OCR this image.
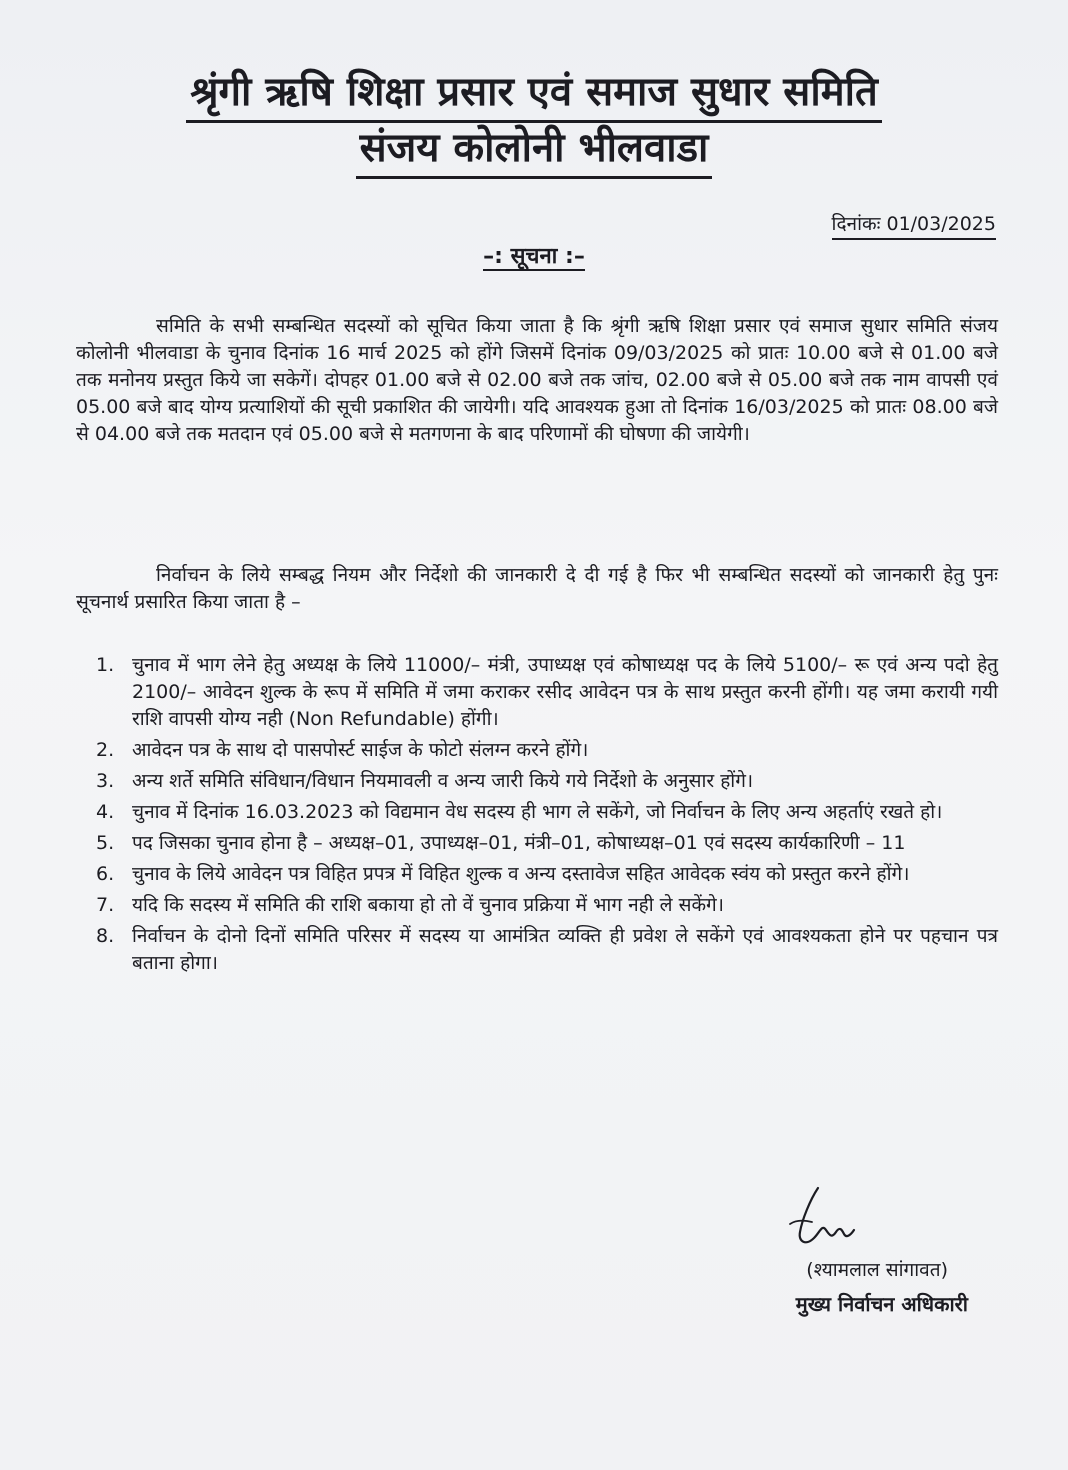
श्रृंगी ऋषि शिक्षा प्रसार एवं समाज सुधार समिति
संजय कोलोनी भीलवाडा
दिनांकः 01/03/2025
–: सूचना :–

समिति के सभी सम्बन्धित सदस्यों को सूचित किया जाता है कि श्रृंगी ऋषि शिक्षा प्रसार एवं समाज सुधार समिति संजय कोलोनी भीलवाडा के चुनाव दिनांक 16 मार्च 2025 को होंगे जिसमें दिनांक 09/03/2025 को प्रातः 10.00 बजे से 01.00 बजे तक मनोनय प्रस्तुत किये जा सकेगें। दोपहर 01.00 बजे से 02.00 बजे तक जांच, 02.00 बजे से 05.00 बजे तक नाम वापसी एवं 05.00 बजे बाद योग्य प्रत्याशियों की सूची प्रकाशित की जायेगी। यदि आवश्यक हुआ तो दिनांक 16/03/2025 को प्रातः 08.00 बजे से 04.00 बजे तक मतदान एवं 05.00 बजे से मतगणना के बाद परिणामों की घोषणा की जायेगी।

निर्वाचन के लिये सम्बद्ध नियम और निर्देशो की जानकारी दे दी गई है फिर भी सम्बन्धित सदस्यों को जानकारी हेतु पुनः सूचनार्थ प्रसारित किया जाता है –

1. चुनाव में भाग लेने हेतु अध्यक्ष के लिये 11000/– मंत्री, उपाध्यक्ष एवं कोषाध्यक्ष पद के लिये 5100/– रू एवं अन्य पदो हेतु 2100/– आवेदन शुल्क के रूप में समिति में जमा कराकर रसीद आवेदन पत्र के साथ प्रस्तुत करनी होंगी। यह जमा करायी गयी राशि वापसी योग्य नही (Non Refundable) होंगी।
2. आवेदन पत्र के साथ दो पासपोर्स्ट साईज के फोटो संलग्न करने होंगे।
3. अन्य शर्ते समिति संविधान/विधान नियमावली व अन्य जारी किये गये निर्देशो के अनुसार होंगे।
4. चुनाव में दिनांक 16.03.2023 को विद्यमान वेध सदस्य ही भाग ले सकेंगे, जो निर्वाचन के लिए अन्य अहर्ताएं रखते हो।
5. पद जिसका चुनाव होना है – अध्यक्ष–01, उपाध्यक्ष–01, मंत्री–01, कोषाध्यक्ष–01 एवं सदस्य कार्यकारिणी – 11
6. चुनाव के लिये आवेदन पत्र विहित प्रपत्र में विहित शुल्क व अन्य दस्तावेज सहित आवेदक स्वंय को प्रस्तुत करने होंगे।
7. यदि कि सदस्य में समिति की राशि बकाया हो तो वें चुनाव प्रक्रिया में भाग नही ले सकेंगे।
8. निर्वाचन के दोनो दिनों समिति परिसर में सदस्य या आमंत्रित व्यक्ति ही प्रवेश ले सकेंगे एवं आवश्यकता होने पर पहचान पत्र बताना होगा।
(श्यामलाल सांगावत)
मुख्य निर्वाचन अधिकारी
